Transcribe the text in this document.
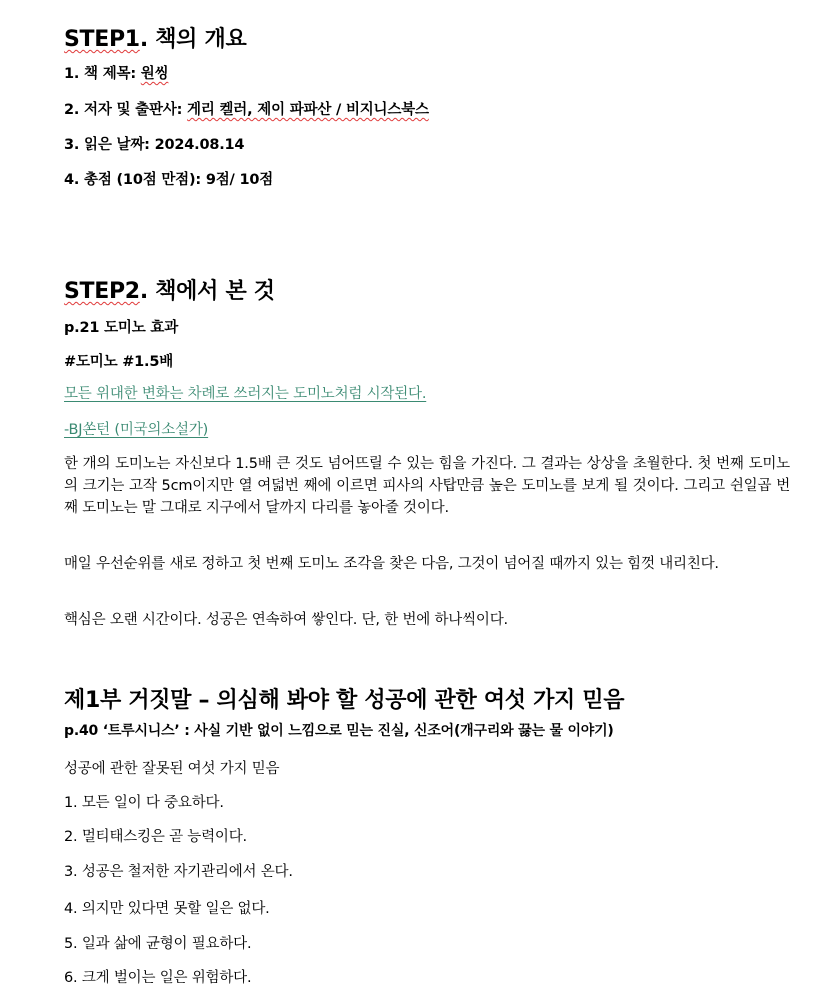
STEP1. 책의 개요
1. 책 제목: 원씽
2. 저자 및 출판사: 게리 켈러, 제이 파파산 / 비지니스북스
3. 읽은 날짜: 2024.08.14
4. 총점 (10점 만점): 9점/ 10점
STEP2. 책에서 본 것
p.21 도미노 효과
#도미노 #1.5배
모든 위대한 변화는 차례로 쓰러지는 도미노처럼 시작된다.
-BJ쏜턴 (미국의소설가)
한 개의 도미노는 자신보다 1.5배 큰 것도 넘어뜨릴 수 있는 힘을 가진다. 그 결과는 상상을 초월한다. 첫 번째 도미노의 크기는 고작 5cm이지만 열 여덟번 째에 이르면 피사의 사탑만큼 높은 도미노를 보게 될 것이다. 그리고 쉰일곱 번째 도미노는 말 그대로 지구에서 달까지 다리를 놓아줄 것이다.
매일 우선순위를 새로 정하고 첫 번째 도미노 조각을 찾은 다음, 그것이 넘어질 때까지 있는 힘껏 내리친다.
핵심은 오랜 시간이다. 성공은 연속하여 쌓인다. 단, 한 번에 하나씩이다.
제1부 거짓말 – 의심해 봐야 할 성공에 관한 여섯 가지 믿음
p.40 ‘트루시니스’ : 사실 기반 없이 느낌으로 믿는 진실, 신조어(개구리와 끓는 물 이야기)
성공에 관한 잘못된 여섯 가지 믿음
1. 모든 일이 다 중요하다.
2. 멀티태스킹은 곧 능력이다.
3. 성공은 철저한 자기관리에서 온다.
4. 의지만 있다면 못할 일은 없다.
5. 일과 삶에 균형이 필요하다.
6. 크게 벌이는 일은 위험하다.
